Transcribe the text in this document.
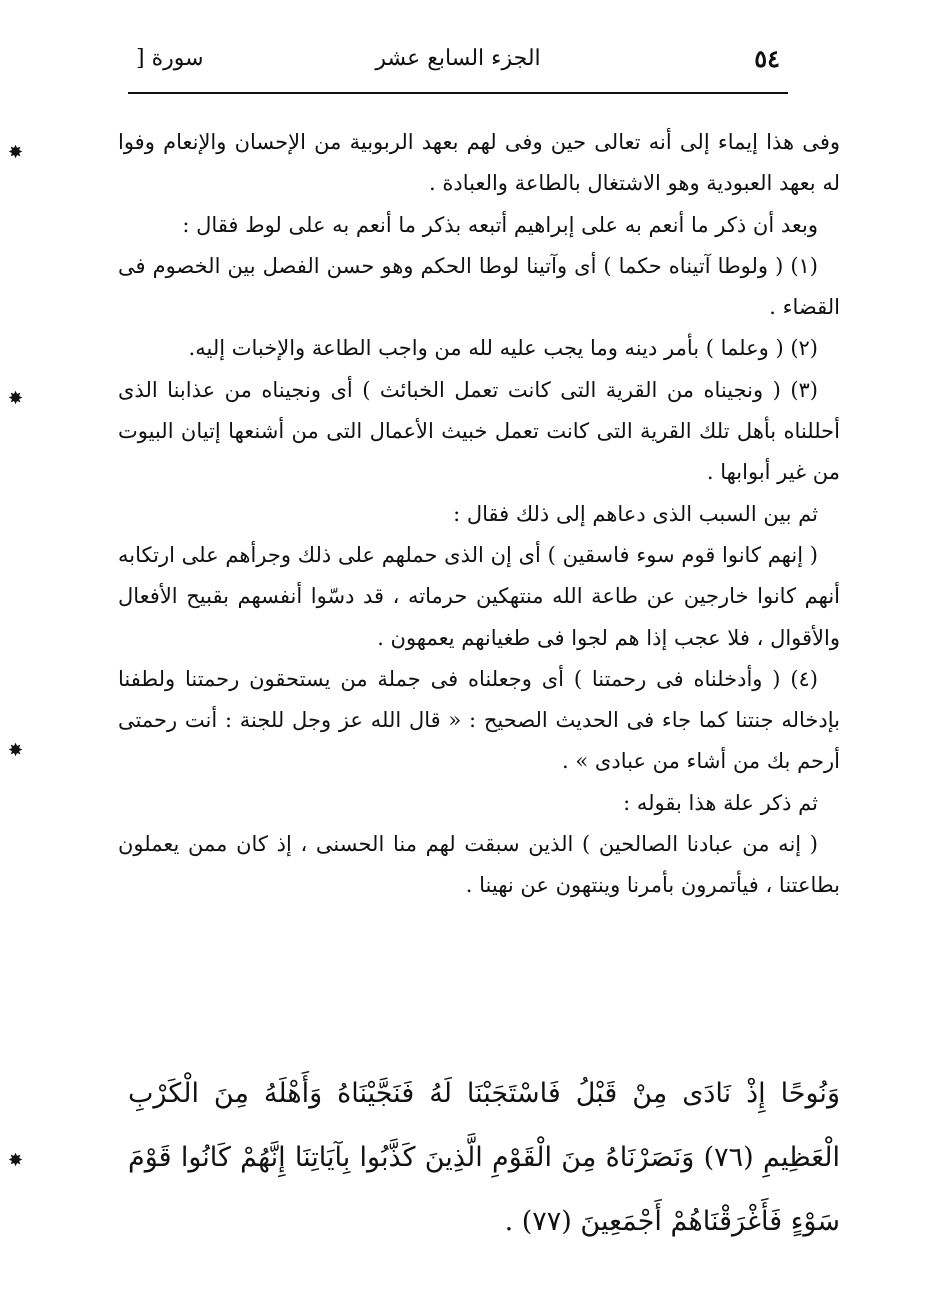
٥٤
الجزء السابع عشر
سورة [

وفى هذا إيماء إلى أنه تعالى حين وفى لهم بعهد الربوبية من الإحسان والإنعام وفوا له بعهد العبودية وهو الاشتغال بالطاعة والعبادة .

وبعد أن ذكر ما أنعم به على إبراهيم أتبعه بذكر ما أنعم به على لوط فقال :

(١) ( ولوطا آتيناه حكما ) أى وآتينا لوطا الحكم وهو حسن الفصل بين الخصوم فى القضاء .

(٢) ( وعلما ) بأمر دينه وما يجب عليه لله من واجب الطاعة والإخبات إليه.

(٣) ( ونجيناه من القرية التى كانت تعمل الخبائث ) أى ونجيناه من عذابنا الذى أحللناه بأهل تلك القرية التى كانت تعمل خبيث الأعمال التى من أشنعها إتيان البيوت من غير أبوابها .

ثم بين السبب الذى دعاهم إلى ذلك فقال :

( إنهم كانوا قوم سوء فاسقين ) أى إن الذى حملهم على ذلك وجرأهم على ارتكابه أنهم كانوا خارجين عن طاعة الله منتهكين حرماته ، قد دسّوا أنفسهم بقبيح الأفعال والأقوال ، فلا عجب إذا هم لجوا فى طغيانهم يعمهون .

(٤) ( وأدخلناه فى رحمتنا ) أى وجعلناه فى جملة من يستحقون رحمتنا ولطفنا بإدخاله جنتنا كما جاء فى الحديث الصحيح : « قال الله عز وجل للجنة : أنت رحمتى أرحم بك من أشاء من عبادى » .

ثم ذكر علة هذا بقوله :

( إنه من عبادنا الصالحين ) الذين سبقت لهم منا الحسنى ، إذ كان ممن يعملون بطاعتنا ، فيأتمرون بأمرنا وينتهون عن نهينا .

وَنُوحًا إِذْ نَادَى مِنْ قَبْلُ فَاسْتَجَبْنَا لَهُ فَنَجَّيْنَاهُ وَأَهْلَهُ مِنَ الْكَرْبِ الْعَظِيمِ (٧٦) وَنَصَرْنَاهُ مِنَ الْقَوْمِ الَّذِينَ كَذَّبُوا بِآيَاتِنَا إِنَّهُمْ كَانُوا قَوْمَ سَوْءٍ فَأَغْرَقْنَاهُمْ أَجْمَعِينَ (٧٧) .

✸
✸
✸
✸
